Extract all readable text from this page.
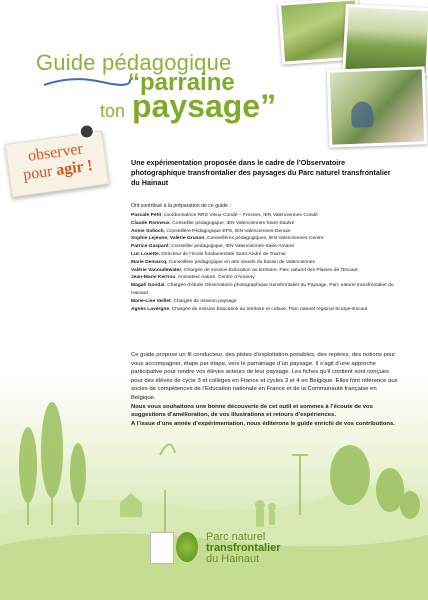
Guide pédagogique
“parraine
ton paysage”
observer
pour agir !	Une expérimentation proposée dans le cadre de l’Observatoire photographique transfrontalier des paysages du Parc naturel transfrontalier du Hainaut
Ont contribué à la préparation de ce guide :
Pascale Petit, coordonnatrice RRS Vieux-Condé – Fresnes, IEN Valenciennes-Condé
Claude Ronneux, Conseiller pédagogique, IEN Valenciennes-Saint-Saulve
Annie Solloch, Conseillère Pédagogique EPS, IEN Valenciennes-Denain
Sophie Lejeune, Valérie Gruson, Conseillères pédagogiques, IEN Valenciennes-Centre
Patrice Gaspard, Conseiller pédagogique, IEN Valenciennes-Saint-Amand
Luc Louette, Directeur de l’école fondamentale Saint-André de Tournai
Marie Demarcq, Conseillère pédagogique en arts visuels du bassin de Valenciennes
Valérie Vanoudewater, Chargée de mission Education au territoire, Parc naturel des Plaines de l’Escaut
Jean-Marie Kerriou, Animateur nature, Centre d’Amaury
Magali Gondal, Chargée d’étude Observatoire photographique transfrontalier du Paysage, Parc naturel transfrontalier du Hainaut
Marie-Lise Veillet, Chargée de mission paysage
Agnès Lavergne, Chargée de mission Education au territoire et culture, Parc naturel régional Scarpe-Escaut

Ce guide propose un fil conducteur, des pistes d’exploitation possibles, des repères, des notions pour vous accompagner, étape par étape, vers le parrainage d’un paysage. Il s’agit d’une approche participative pour rendre vos élèves acteurs de leur paysage. Les fiches qu’il contient sont conçues pour des élèves de cycle 3 et collèges en France et cycles 3 et 4 en Belgique. Elles font référence aux socles de compétences de l’Education nationale en France et de la Communauté française en Belgique.

Nous vous souhaitons une bonne découverte de cet outil et sommes à l’écoute de vos suggestions d’amélioration, de vos illustrations et retours d’expériences.

A l’issue d’une année d’expérimentation, nous éditerons le guide enrichi de vos contributions.

Parc naturel
transfrontalier
du Hainaut
